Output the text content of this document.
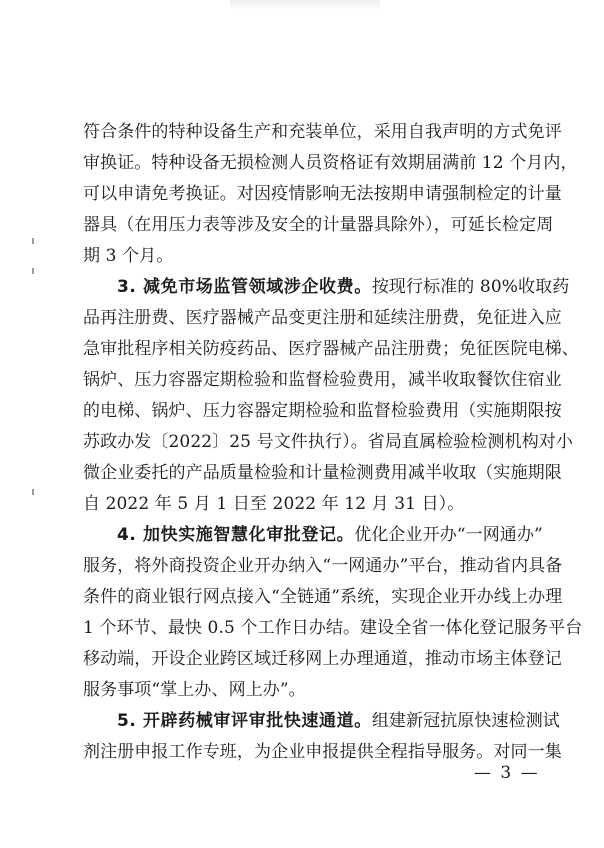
符合条件的特种设备生产和充装单位，采用自我声明的方式免评
审换证。特种设备无损检测人员资格证有效期届满前 12 个月内，
可以申请免考换证。对因疫情影响无法按期申请强制检定的计量
器具（在用压力表等涉及安全的计量器具除外），可延长检定周
期 3 个月。
3. 减免市场监管领域涉企收费。按现行标准的 80%收取药
品再注册费、医疗器械产品变更注册和延续注册费，免征进入应
急审批程序相关防疫药品、医疗器械产品注册费；免征医院电梯、
锅炉、压力容器定期检验和监督检验费用，减半收取餐饮住宿业
的电梯、锅炉、压力容器定期检验和监督检验费用（实施期限按
苏政办发〔2022〕25 号文件执行）。省局直属检验检测机构对小
微企业委托的产品质量检验和计量检测费用减半收取（实施期限
自 2022 年 5 月 1 日至 2022 年 12 月 31 日）。
4. 加快实施智慧化审批登记。优化企业开办“一网通办”
服务，将外商投资企业开办纳入“一网通办”平台，推动省内具备
条件的商业银行网点接入“全链通”系统，实现企业开办线上办理
1 个环节、最快 0.5 个工作日办结。建设全省一体化登记服务平台
移动端，开设企业跨区域迁移网上办理通道，推动市场主体登记
服务事项“掌上办、网上办”。
5. 开辟药械审评审批快速通道。组建新冠抗原快速检测试
剂注册申报工作专班，为企业申报提供全程指导服务。对同一集
— 3 —
